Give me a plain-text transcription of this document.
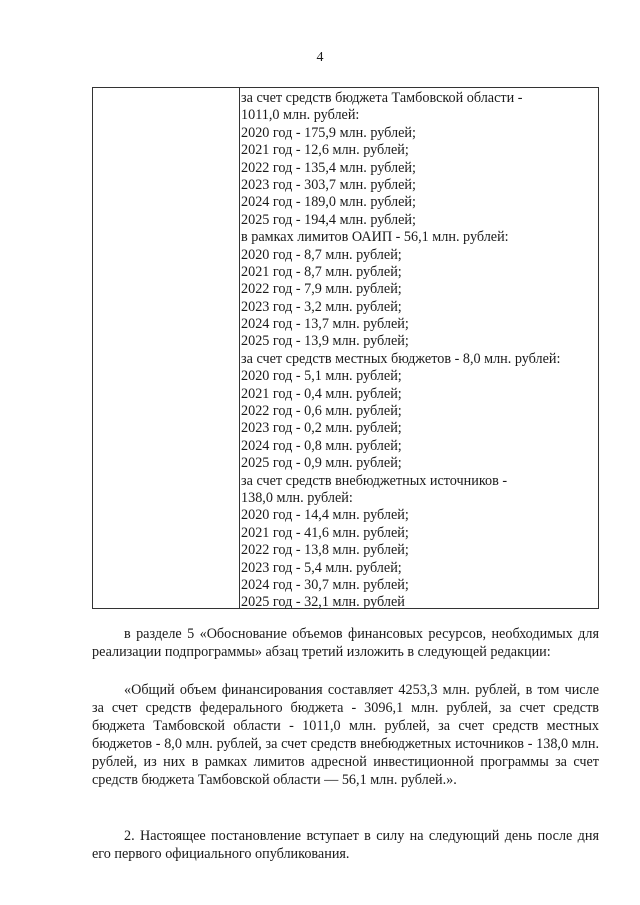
4
за счет средств бюджета Тамбовской области -
1011,0 млн. рублей:
2020 год - 175,9 млн. рублей;
2021 год - 12,6 млн. рублей;
2022 год - 135,4 млн. рублей;
2023 год - 303,7 млн. рублей;
2024 год - 189,0 млн. рублей;
2025 год - 194,4 млн. рублей;
в рамках лимитов ОАИП - 56,1 млн. рублей:
2020 год - 8,7 млн. рублей;
2021 год - 8,7 млн. рублей;
2022 год - 7,9 млн. рублей;
2023 год - 3,2 млн. рублей;
2024 год - 13,7 млн. рублей;
2025 год - 13,9 млн. рублей;
за счет средств местных бюджетов - 8,0 млн. рублей:
2020 год - 5,1 млн. рублей;
2021 год - 0,4 млн. рублей;
2022 год - 0,6 млн. рублей;
2023 год - 0,2 млн. рублей;
2024 год - 0,8 млн. рублей;
2025 год - 0,9 млн. рублей;
за счет средств внебюджетных источников -
138,0 млн. рублей:
2020 год - 14,4 млн. рублей;
2021 год - 41,6 млн. рублей;
2022 год - 13,8 млн. рублей;
2023 год - 5,4 млн. рублей;
2024 год - 30,7 млн. рублей;
2025 год - 32,1 млн. рублей

в разделе 5 «Обоснование объемов финансовых ресурсов, необходимых для реализации подпрограммы» абзац третий изложить в следующей редакции:

«Общий объем финансирования составляет 4253,3 млн. рублей, в том числе за счет средств федерального бюджета - 3096,1 млн. рублей, за счет средств бюджета Тамбовской области - 1011,0 млн. рублей, за счет средств местных бюджетов - 8,0 млн. рублей, за счет средств внебюджетных источников - 138,0 млн. рублей, из них в рамках лимитов адресной инвестиционной программы за счет средств бюджета Тамбовской области — 56,1 млн. рублей.».

2. Настоящее постановление вступает в силу на следующий день после дня его первого официального опубликования.
